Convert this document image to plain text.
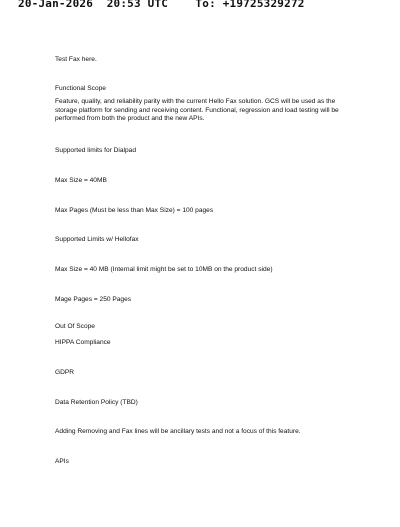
20-Jan-2026 20:53 UTC To: +19725329272
Test Fax here.
Functional Scope
Feature, quality, and reliability parity with the current Hello Fax solution. GCS will be used as the storage platform for sending and receiving content. Functional, regression and load testing will be performed from both the product and the new APIs.
Supported limits for Dialpad
Max Size = 40MB
Max Pages (Must be less than Max Size) = 100 pages
Supported Limits w/ Hellofax
Max Size = 40 MB (Internal limit might be set to 10MB on the product side)
Mage Pages = 250 Pages
Out Of Scope
HIPPA Compliance
GDPR
Data Retention Policy (TBD)
Adding Removing and Fax lines will be ancillary tests and not a focus of this feature.
APIs
